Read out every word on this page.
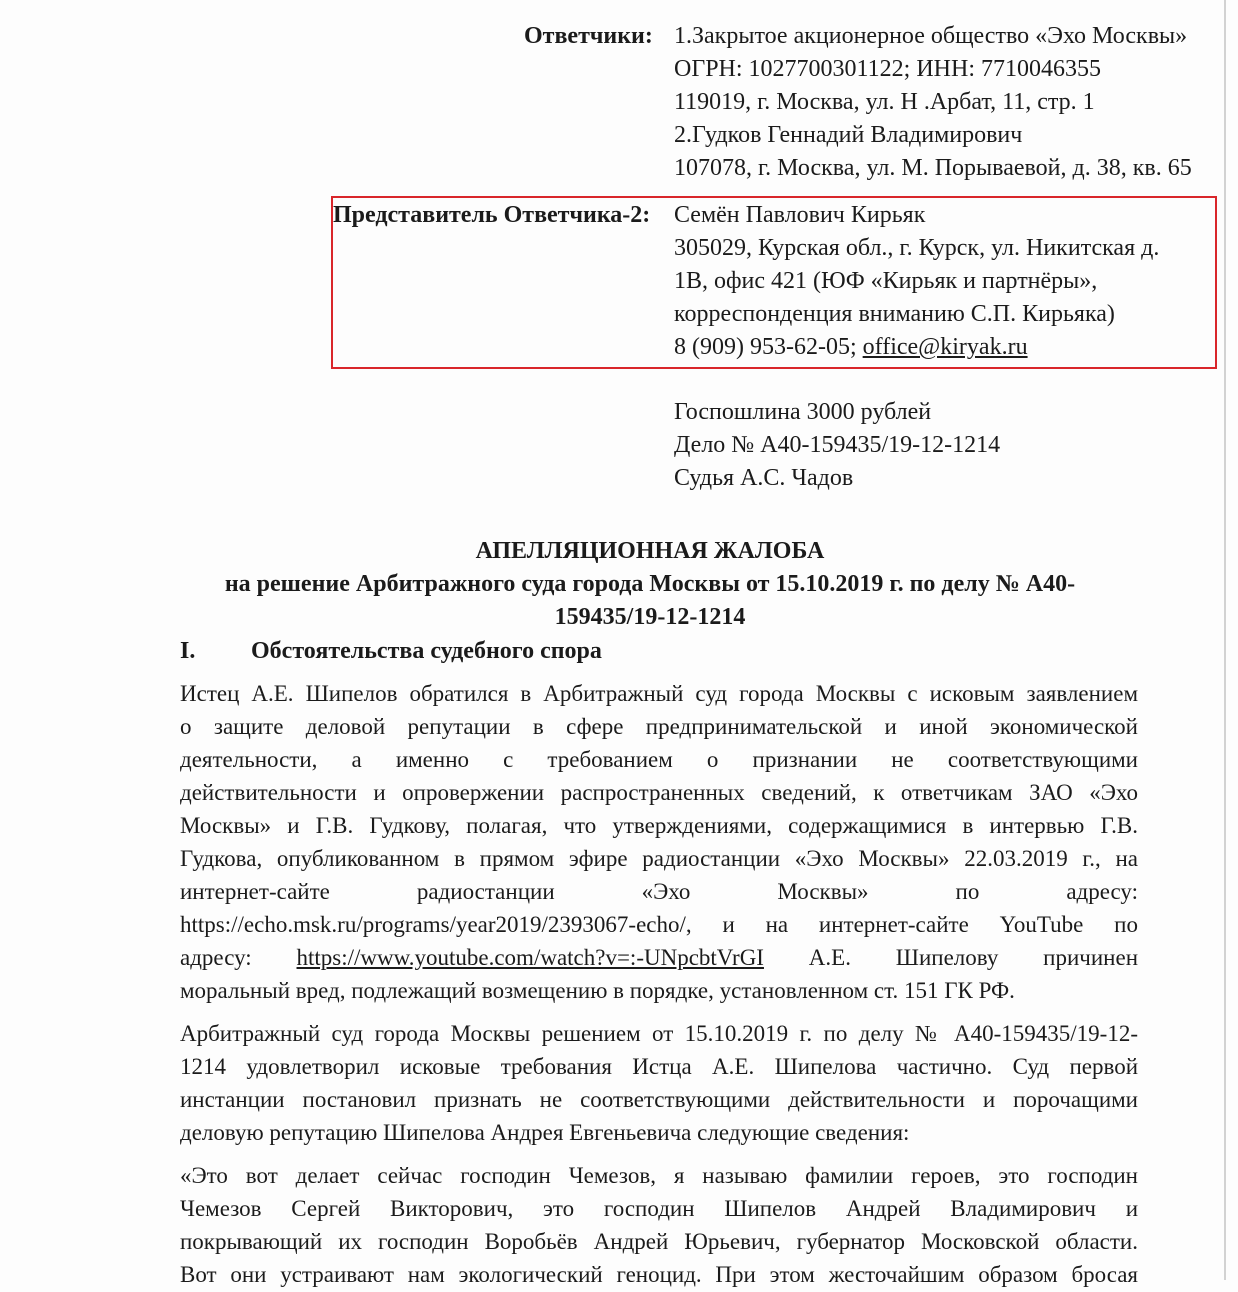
Ответчики: 1.Закрытое акционерное общество «Эхо Москвы»
ОГРН: 1027700301122; ИНН: 7710046355
119019, г. Москва, ул. Н .Арбат, 11, стр. 1
2.Гудков Геннадий Владимирович
107078, г. Москва, ул. М. Порываевой, д. 38, кв. 65
Представитель Ответчика-2: Семён Павлович Кирьяк
305029, Курская обл., г. Курск, ул. Никитская д.
1В, офис 421 (ЮФ «Кирьяк и партнёры»,
корреспонденция вниманию С.П. Кирьяка)
8 (909) 953-62-05; office@kiryak.ru
Госпошлина 3000 рублей
Дело № А40-159435/19-12-1214
Судья А.С. Чадов
АПЕЛЛЯЦИОННАЯ ЖАЛОБА
на решение Арбитражного суда города Москвы от 15.10.2019 г. по делу № А40-
159435/19-12-1214
I. Обстоятельства судебного спора
Истец А.Е. Шипелов обратился в Арбитражный суд города Москвы с исковым заявлением
о защите деловой репутации в сфере предпринимательской и иной экономической
деятельности, а именно с требованием о признании не соответствующими
действительности и опровержении распространенных сведений, к ответчикам ЗАО «Эхо
Москвы» и Г.В. Гудкову, полагая, что утверждениями, содержащимися в интервью Г.В.
Гудкова, опубликованном в прямом эфире радиостанции «Эхо Москвы» 22.03.2019 г., на
интернет-сайте радиостанции «Эхо Москвы» по адресу:
https://echo.msk.ru/programs/year2019/2393067-echo/, и на интернет-сайте YouTube по
адресу: https://www.youtube.com/watch?v=:-UNpcbtVrGI А.Е. Шипелову причинен
моральный вред, подлежащий возмещению в порядке, установленном ст. 151 ГК РФ.
Арбитражный суд города Москвы решением от 15.10.2019 г. по делу № А40-159435/19-12-
1214 удовлетворил исковые требования Истца А.Е. Шипелова частично. Суд первой
инстанции постановил признать не соответствующими действительности и порочащими
деловую репутацию Шипелова Андрея Евгеньевича следующие сведения:
«Это вот делает сейчас господин Чемезов, я называю фамилии героев, это господин
Чемезов Сергей Викторович, это господин Шипелов Андрей Владимирович и
покрывающий их господин Воробьёв Андрей Юрьевич, губернатор Московской области.
Вот они устраивают нам экологический геноцид. При этом жесточайшим образом бросая
